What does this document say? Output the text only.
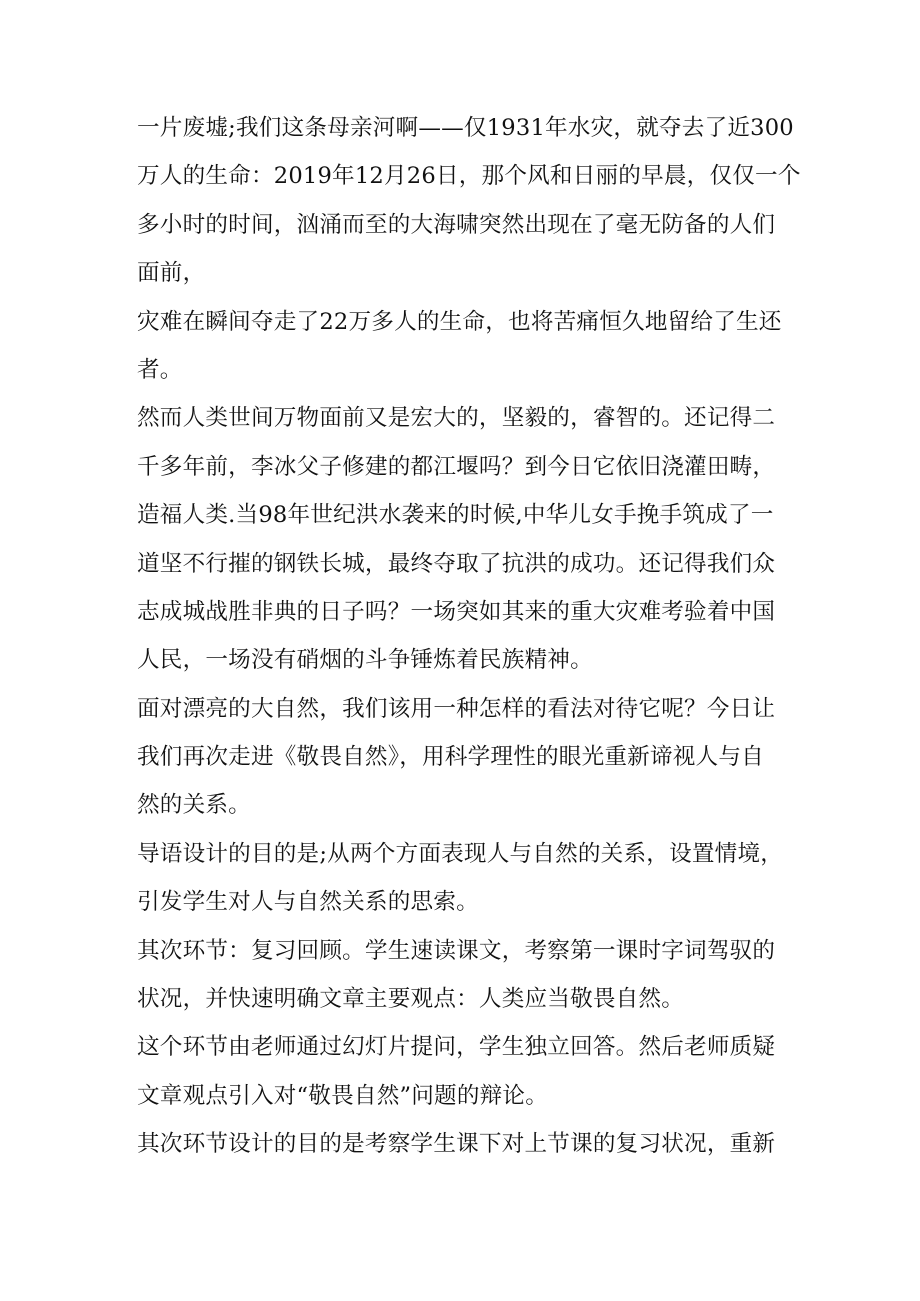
一片废墟;我们这条母亲河啊——仅1931年水灾，就夺去了近300
万人的生命：2019年12月26日，那个风和日丽的早晨，仅仅一个
多小时的时间，汹涌而至的大海啸突然出现在了毫无防备的人们
面前，
灾难在瞬间夺走了22万多人的生命，也将苦痛恒久地留给了生还
者。
然而人类世间万物面前又是宏大的，坚毅的，睿智的。还记得二
千多年前，李冰父子修建的都江堰吗？到今日它依旧浇灌田畴，
造福人类.当98年世纪洪水袭来的时候,中华儿女手挽手筑成了一
道坚不行摧的钢铁长城，最终夺取了抗洪的成功。还记得我们众
志成城战胜非典的日子吗？一场突如其来的重大灾难考验着中国
人民，一场没有硝烟的斗争锤炼着民族精神。
面对漂亮的大自然，我们该用一种怎样的看法对待它呢？今日让
我们再次走进《敬畏自然》，用科学理性的眼光重新谛视人与自
然的关系。
导语设计的目的是;从两个方面表现人与自然的关系，设置情境，
引发学生对人与自然关系的思索。
其次环节：复习回顾。学生速读课文，考察第一课时字词驾驭的
状况，并快速明确文章主要观点：人类应当敬畏自然。
这个环节由老师通过幻灯片提问，学生独立回答。然后老师质疑
文章观点引入对“敬畏自然”问题的辩论。
其次环节设计的目的是考察学生课下对上节课的复习状况，重新
